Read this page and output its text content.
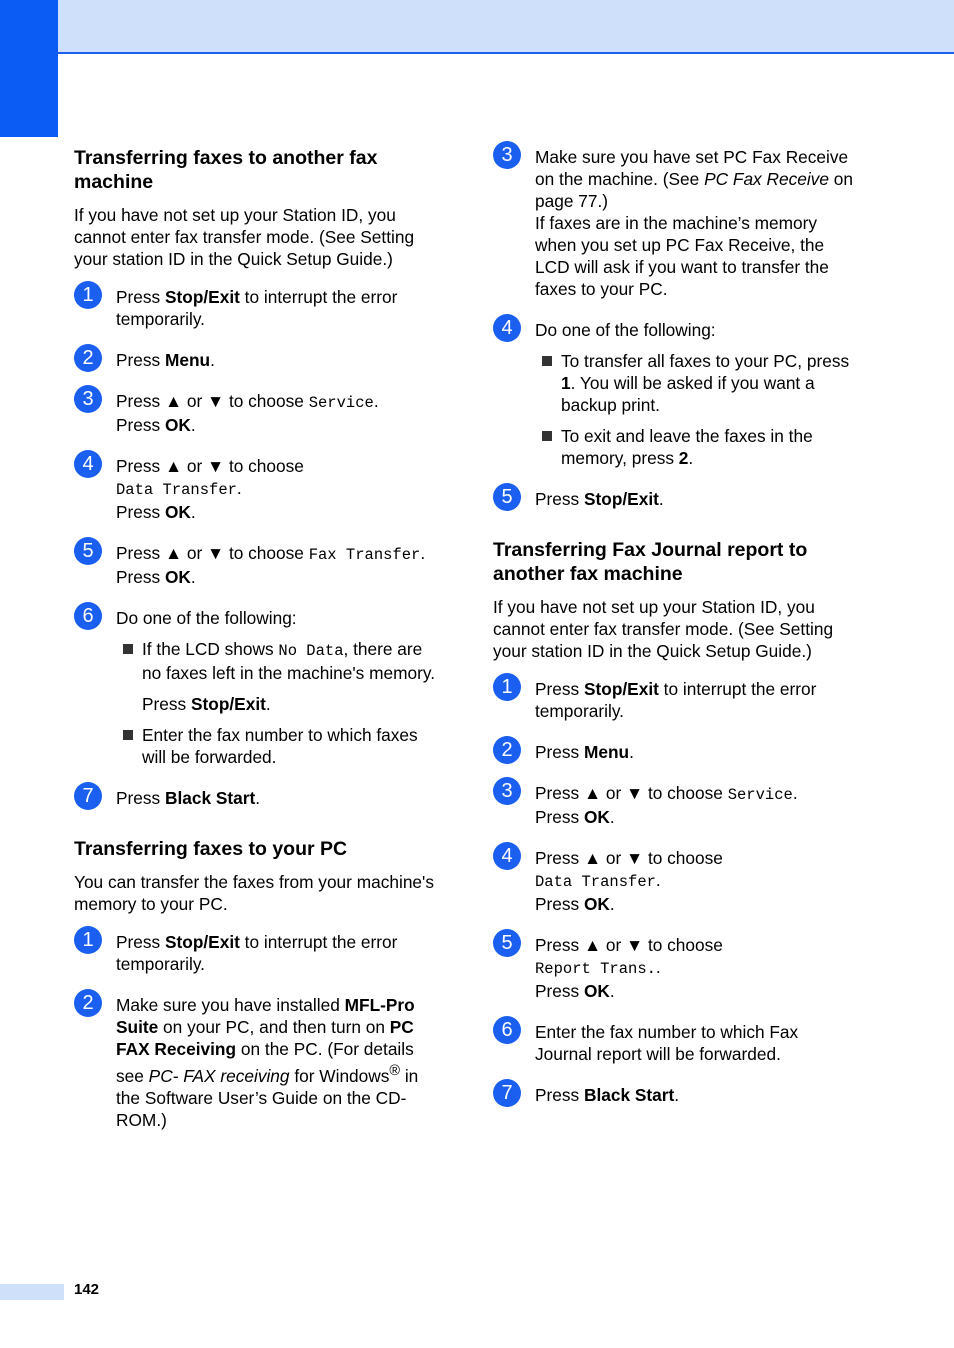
Transferring faxes to another fax machine

If you have not set up your Station ID, you cannot enter fax transfer mode. (See Setting your station ID in the Quick Setup Guide.)

1	Press Stop/Exit to interrupt the error temporarily.
2	Press Menu.
3	Press ▲ or ▼ to choose Service.
Press OK.
4	Press ▲ or ▼ to choose
Data Transfer.
Press OK.
5	Press ▲ or ▼ to choose Fax Transfer.
Press OK.
6	Do one of the following:
If the LCD shows No Data, there are no faxes left in the machine's memory.
Press Stop/Exit.
Enter the fax number to which faxes will be forwarded.
7	Press Black Start.
Transferring faxes to your PC

You can transfer the faxes from your machine's memory to your PC.

1	Press Stop/Exit to interrupt the error temporarily.
2	Make sure you have installed MFL-Pro Suite on your PC, and then turn on PC FAX Receiving on the PC. (For details see PC- FAX receiving for Windows® in the Software User’s Guide on the CD-ROM.)
3	Make sure you have set PC Fax Receive on the machine. (See PC Fax Receive on page 77.)
If faxes are in the machine’s memory when you set up PC Fax Receive, the LCD will ask if you want to transfer the faxes to your PC.
4	Do one of the following:
To transfer all faxes to your PC, press 1. You will be asked if you want a backup print.
To exit and leave the faxes in the memory, press 2.
5	Press Stop/Exit.
Transferring Fax Journal report to another fax machine

If you have not set up your Station ID, you cannot enter fax transfer mode. (See Setting your station ID in the Quick Setup Guide.)

1	Press Stop/Exit to interrupt the error temporarily.
2	Press Menu.
3	Press ▲ or ▼ to choose Service.
Press OK.
4	Press ▲ or ▼ to choose
Data Transfer.
Press OK.
5	Press ▲ or ▼ to choose
Report Trans..
Press OK.
6	Enter the fax number to which Fax Journal report will be forwarded.
7	Press Black Start.
142
